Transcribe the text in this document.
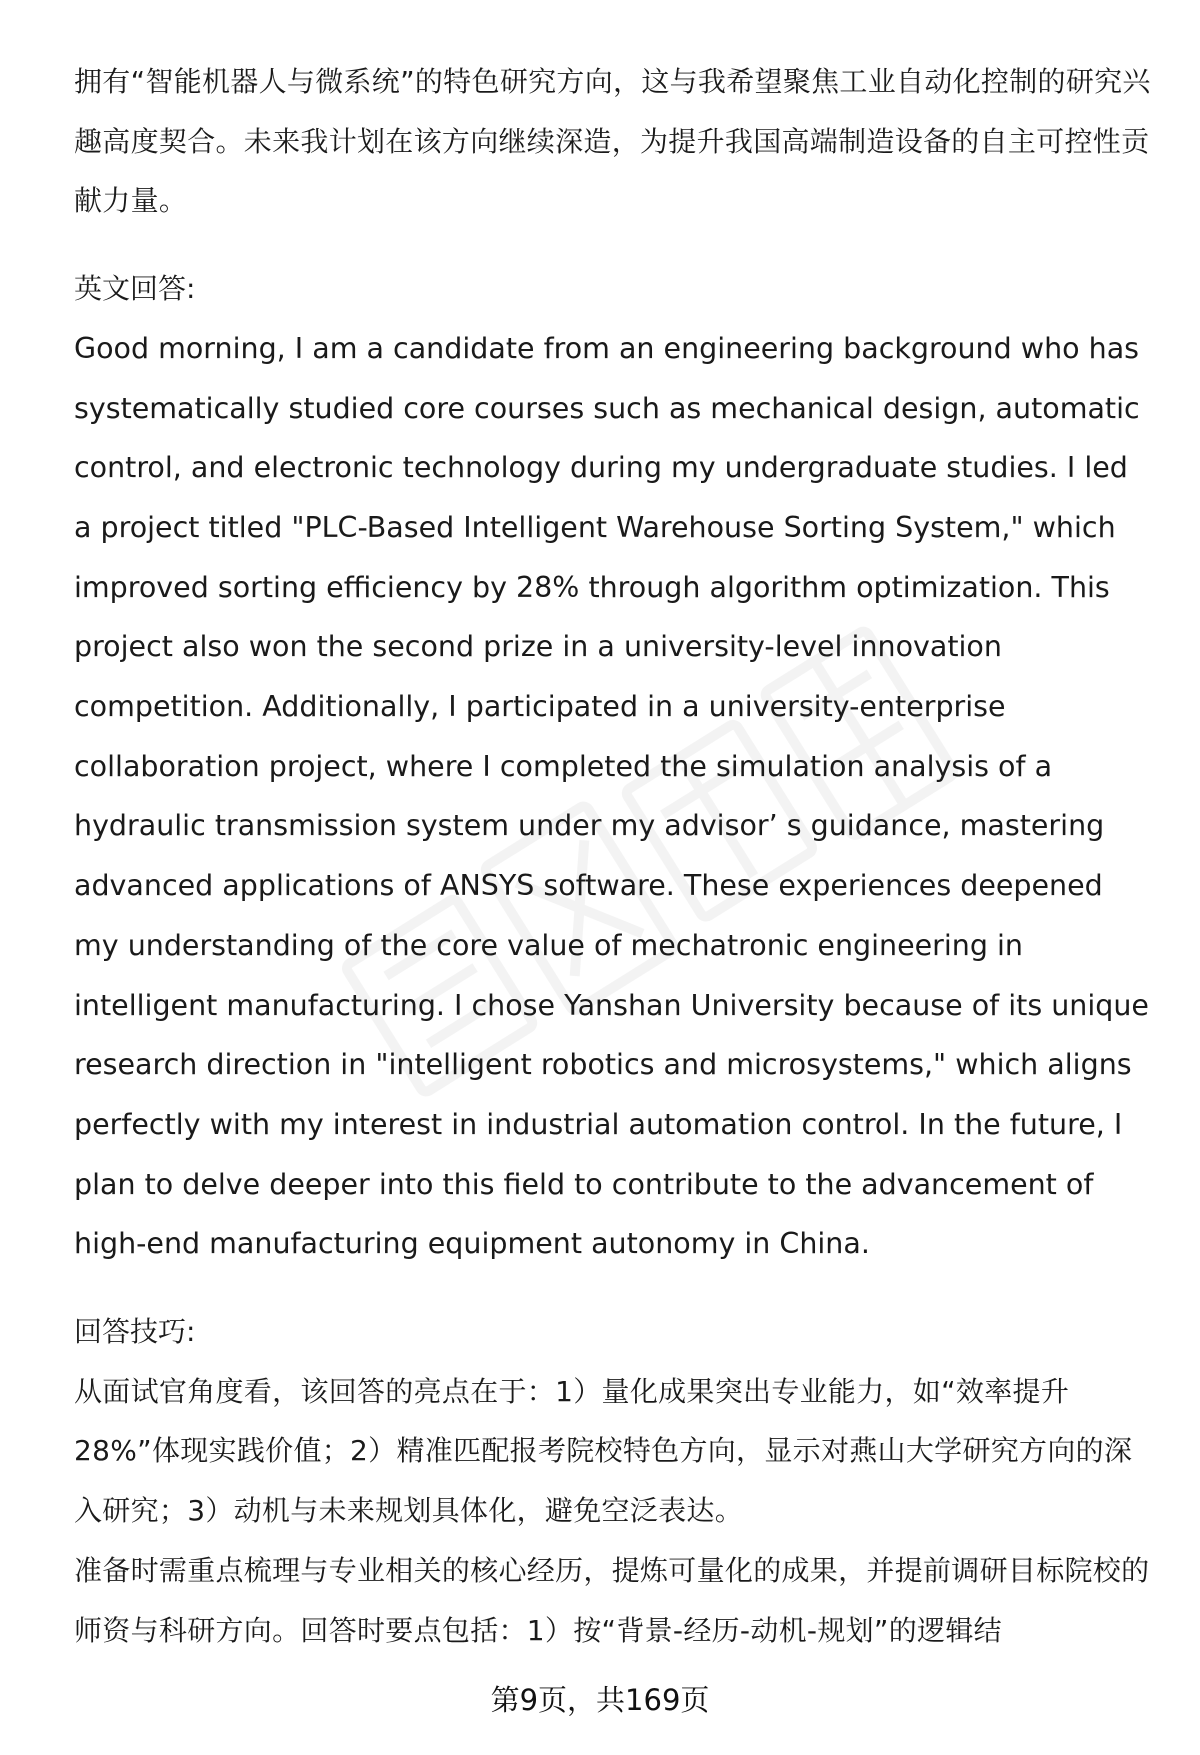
拥有“智能机器人与微系统”的特色研究方向，这与我希望聚焦工业自动化控制的研究兴趣高度契合。未来我计划在该方向继续深造，为提升我国高端制造设备的自主可控性贡献力量。

英文回答:

Good morning, I am a candidate from an engineering background who has systematically studied core courses such as mechanical design, automatic control, and electronic technology during my undergraduate studies. I led a project titled "PLC-Based Intelligent Warehouse Sorting System," which improved sorting efficiency by 28% through algorithm optimization. This project also won the second prize in a university-level innovation competition. Additionally, I participated in a university-enterprise collaboration project, where I completed the simulation analysis of a hydraulic transmission system under my advisor’ s guidance, mastering advanced applications of ANSYS software. These experiences deepened my understanding of the core value of mechatronic engineering in intelligent manufacturing. I chose Yanshan University because of its unique research direction in "intelligent robotics and microsystems," which aligns perfectly with my interest in industrial automation control. In the future, I plan to delve deeper into this field to contribute to the advancement of high-end manufacturing equipment autonomy in China.

回答技巧:

从面试官角度看，该回答的亮点在于：1）量化成果突出专业能力，如“效率提升28%”体现实践价值；2）精准匹配报考院校特色方向，显示对燕山大学研究方向的深入研究；3）动机与未来规划具体化，避免空泛表达。

准备时需重点梳理与专业相关的核心经历，提炼可量化的成果，并提前调研目标院校的师资与科研方向。回答时要点包括：1）按“背景-经历-动机-规划”的逻辑结

第9页，共169页
